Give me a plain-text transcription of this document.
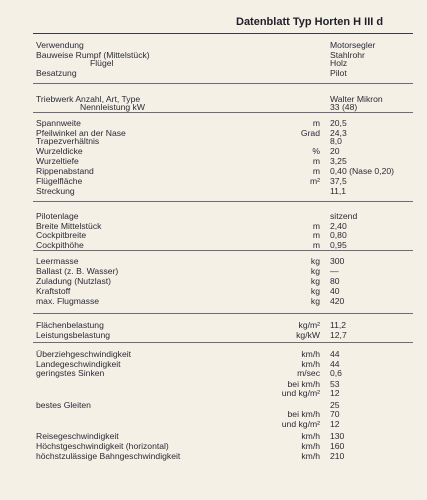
Datenblatt Typ Horten H III d
Verwendung	Motorsegler
Bauweise Rumpf (Mittelstück)	Stahlrohr
Flügel	Holz
Besatzung	Pilot
Triebwerk Anzahl, Art, Type	Walter Mikron
Nennleistung kW	33 (48)
Spannweite	m 20,5
Pfeilwinkel an der Nase	Grad 24,3
Trapezverhältnis	8,0
Wurzeldicke	% 20
Wurzeltiefe	m 3,25
Rippenabstand	m 0,40 (Nase 0,20)
Flügelfläche	m² 37,5
Streckung	11,1
Pilotenlage	sitzend
Breite Mittelstück	m 2,40
Cockpitbreite	m 0,80
Cockpithöhe	m 0,95
Leermasse	kg 300
Ballast (z. B. Wasser)	kg —
Zuladung (Nutzlast)	kg 80
Kraftstoff	kg 40
max. Flugmasse	kg 420
Flächenbelastung	kg/m² 11,2
Leistungsbelastung	kg/kW 12,7
Überziehgeschwindigkeit	km/h 44
Landegeschwindigkeit	km/h 44
geringstes Sinken	m/sec 0,6
bei km/h 53
und kg/m² 12
bestes Gleiten	25
bei km/h 70
und kg/m² 12
Reisegeschwindigkeit	km/h 130
Höchstgeschwindigkeit (horizontal)	km/h 160
höchstzulässige Bahngeschwindigkeit	km/h 210
